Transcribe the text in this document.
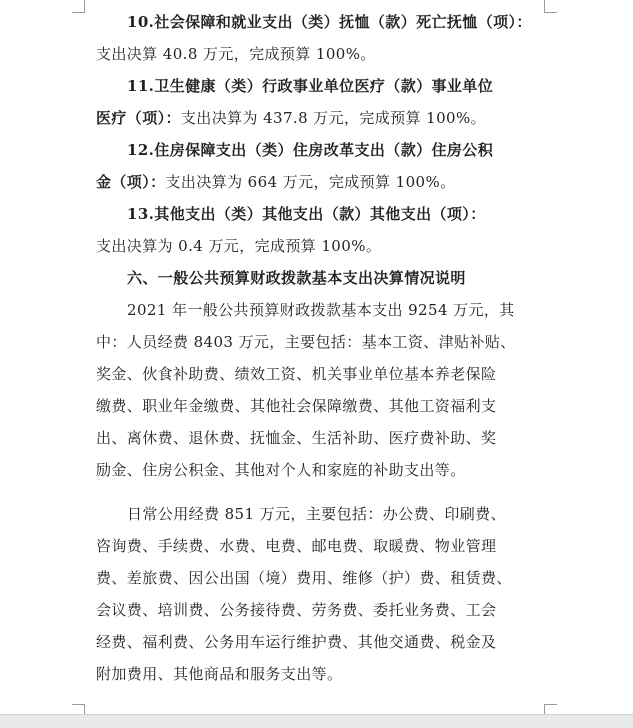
10.社会保障和就业支出（类）抚恤（款）死亡抚恤（项）：
支出决算 40.8 万元，完成预算 100%。
11.卫生健康（类）行政事业单位医疗（款）事业单位
医疗（项）：支出决算为 437.8 万元，完成预算 100%。
12.住房保障支出（类）住房改革支出（款）住房公积
金（项）：支出决算为 664 万元，完成预算 100%。
13.其他支出（类）其他支出（款）其他支出（项）：
支出决算为 0.4 万元，完成预算 100%。
六、一般公共预算财政拨款基本支出决算情况说明
2021 年一般公共预算财政拨款基本支出 9254 万元，其
中：人员经费 8403 万元，主要包括：基本工资、津贴补贴、
奖金、伙食补助费、绩效工资、机关事业单位基本养老保险
缴费、职业年金缴费、其他社会保障缴费、其他工资福利支
出、离休费、退休费、抚恤金、生活补助、医疗费补助、奖
励金、住房公积金、其他对个人和家庭的补助支出等。
日常公用经费 851 万元，主要包括：办公费、印刷费、
咨询费、手续费、水费、电费、邮电费、取暖费、物业管理
费、差旅费、因公出国（境）费用、维修（护）费、租赁费、
会议费、培训费、公务接待费、劳务费、委托业务费、工会
经费、福利费、公务用车运行维护费、其他交通费、税金及
附加费用、其他商品和服务支出等。
